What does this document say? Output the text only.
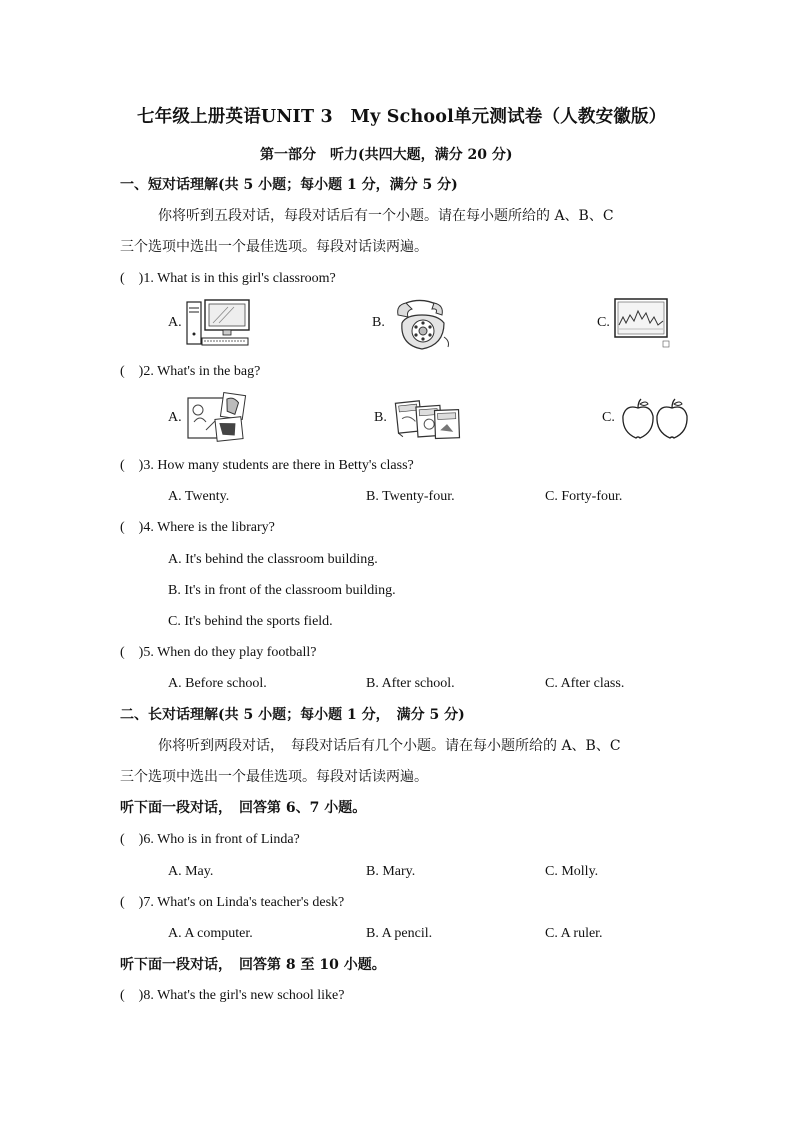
七年级上册英语UNIT 3　My School单元测试卷（人教安徽版）
第一部分　听力(共四大题，满分 20 分)
一、短对话理解(共 5 小题；每小题 1 分，满分 5 分)
你将听到五段对话，每段对话后有一个小题。请在每小题所给的 A、B、C
三个选项中选出一个最佳选项。每段对话读两遍。
(　)1. What is in this girl's classroom?
A.	B.	C.
(　)2. What's in the bag?
A.	B.	C.
(　)3. How many students are there in Betty's class?
A. Twenty.	B. Twenty-four.	C. Forty-four.
(　)4. Where is the library?
A. It's behind the classroom building.
B. It's in front of the classroom building.
C. It's behind the sports field.
(　)5. When do they play football?
A. Before school.	B. After school.	C. After class.
二、长对话理解(共 5 小题；每小题 1 分，　满分 5 分)
你将听到两段对话，　每段对话后有几个小题。请在每小题所给的 A、B、C
三个选项中选出一个最佳选项。每段对话读两遍。
听下面一段对话，　回答第 6、7 小题。
(　)6. Who is in front of Linda?
A. May.	B. Mary.	C. Molly.
(　)7. What's on Linda's teacher's desk?
A. A computer.	B. A pencil.	C. A ruler.
听下面一段对话，　回答第 8 至 10 小题。
(　)8. What's the girl's new school like?
